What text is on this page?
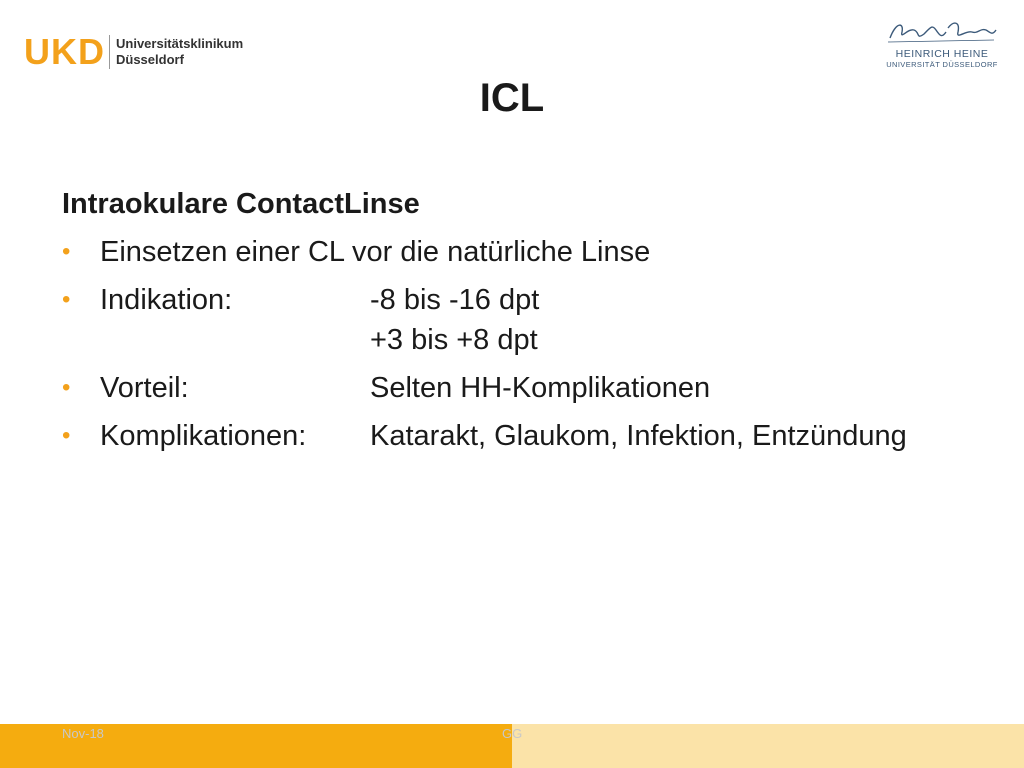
UKD Universitätsklinikum
Düsseldorf	HEINRICH HEINE
UNIVERSITÄT DÜSSELDORF
ICL
Intraokulare ContactLinse
• Einsetzen einer CL vor die natürliche Linse
• Indikation:	-8 bis -16 dpt
+3 bis +8 dpt
• Vorteil:	Selten HH-Komplikationen
• Komplikationen:	Katarakt, Glaukom, Infektion, Entzündung
Nov-18	GG
